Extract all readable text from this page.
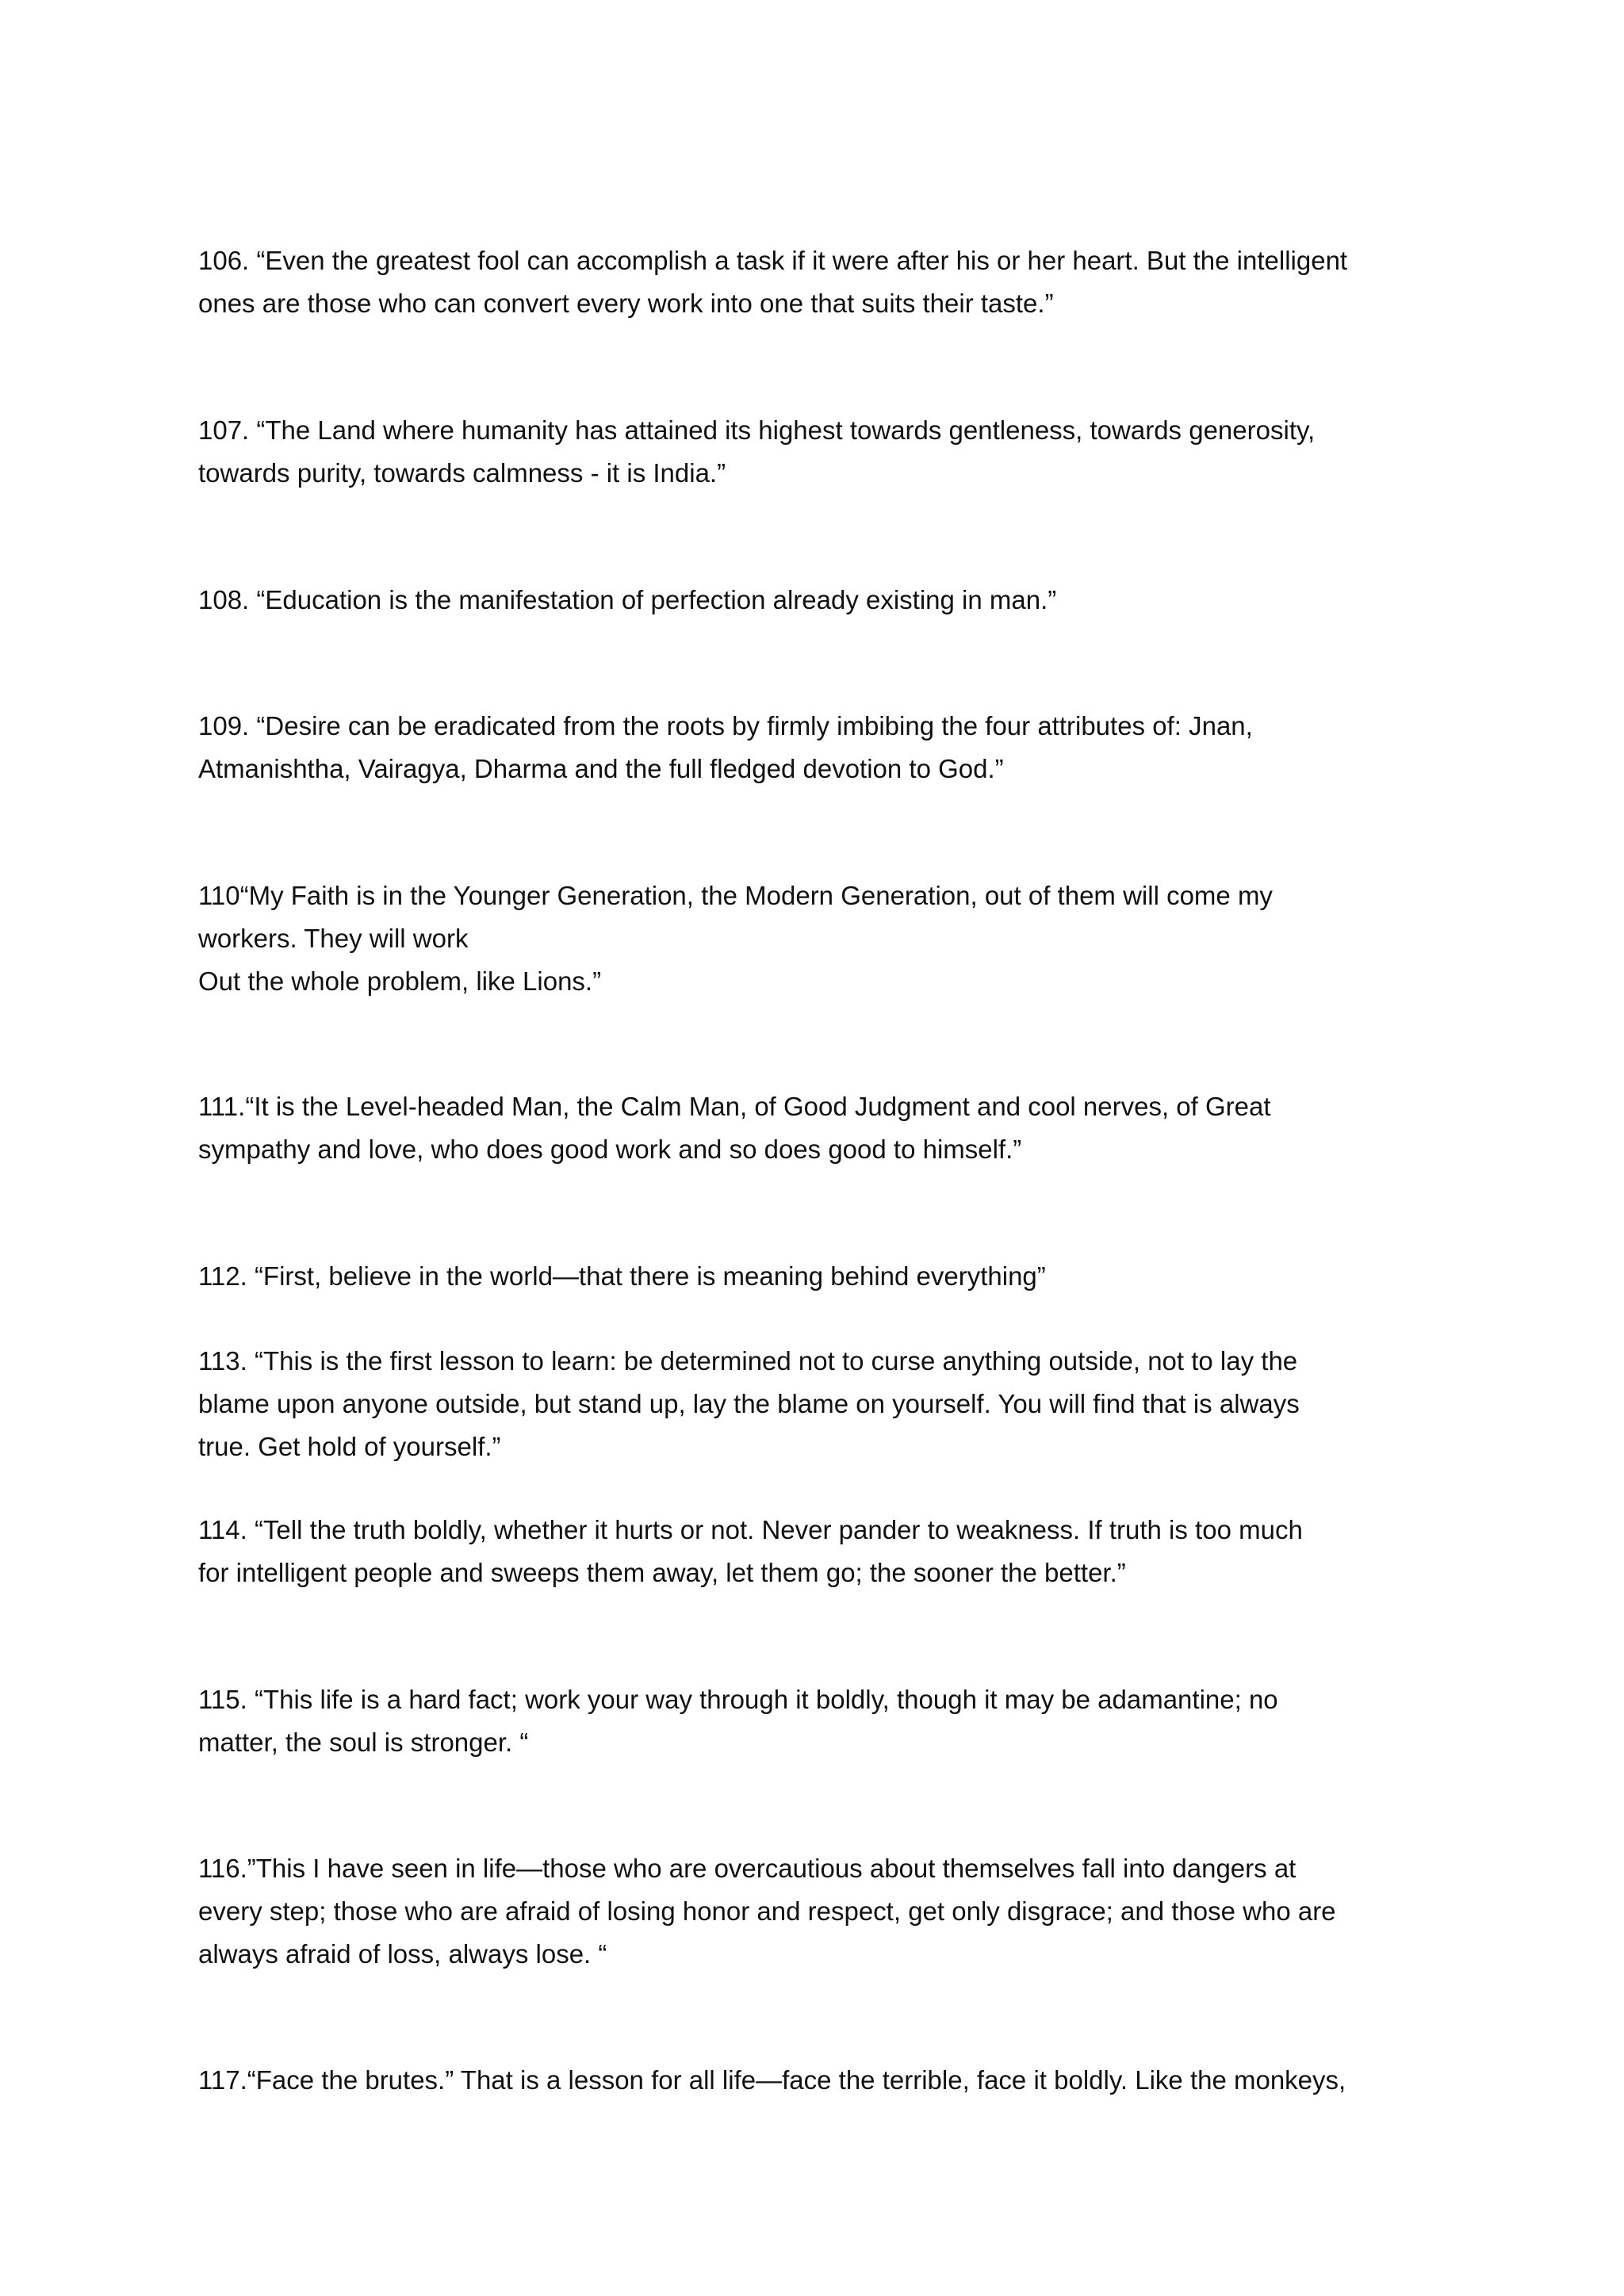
106. “Even the greatest fool can accomplish a task if it were after his or her heart. But the intelligent
ones are those who can convert every work into one that suits their taste.”

107. “The Land where humanity has attained its highest towards gentleness, towards generosity,
towards purity, towards calmness - it is India.”

108. “Education is the manifestation of perfection already existing in man.”

109. “Desire can be eradicated from the roots by firmly imbibing the four attributes of: Jnan,
Atmanishtha, Vairagya, Dharma and the full fledged devotion to God.”

110“My Faith is in the Younger Generation, the Modern Generation, out of them will come my
workers. They will work
Out the whole problem, like Lions.”

111.“It is the Level-headed Man, the Calm Man, of Good Judgment and cool nerves, of Great
sympathy and love, who does good work and so does good to himself.”

112. “First, believe in the world—that there is meaning behind everything”

113. “This is the first lesson to learn: be determined not to curse anything outside, not to lay the
blame upon anyone outside, but stand up, lay the blame on yourself. You will find that is always
true. Get hold of yourself.”

114. “Tell the truth boldly, whether it hurts or not. Never pander to weakness. If truth is too much
for intelligent people and sweeps them away, let them go; the sooner the better.”

115. “This life is a hard fact; work your way through it boldly, though it may be adamantine; no
matter, the soul is stronger. “

116.”This I have seen in life—those who are overcautious about themselves fall into dangers at
every step; those who are afraid of losing honor and respect, get only disgrace; and those who are
always afraid of loss, always lose. “

117.“Face the brutes.” That is a lesson for all life—face the terrible, face it boldly. Like the monkeys,
